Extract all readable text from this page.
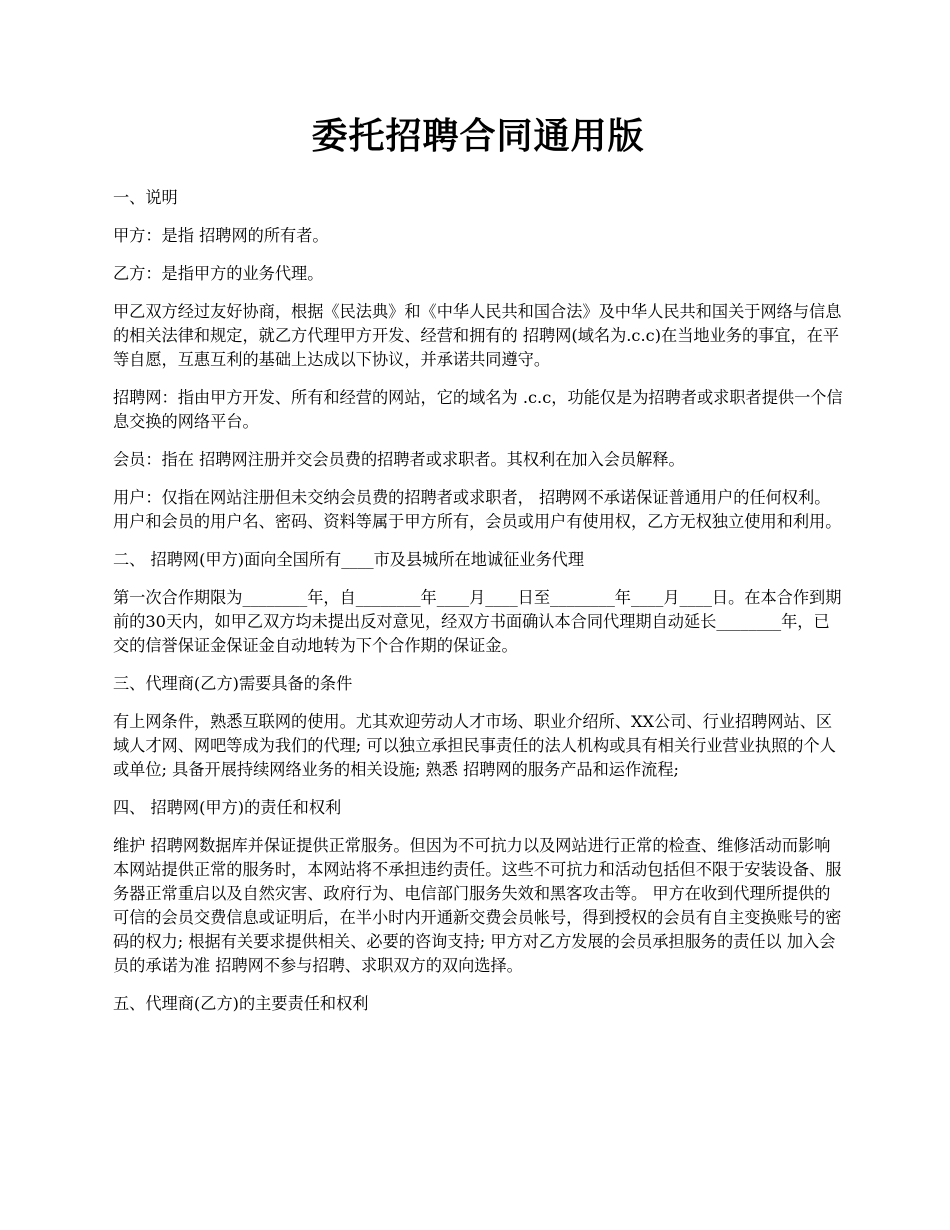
委托招聘合同通用版

一、说明

甲方：是指 招聘网的所有者。

乙方：是指甲方的业务代理。

甲乙双方经过友好协商，根据《民法典》和《中华人民共和国合法》及中华人民共和国关于网络与信息的相关法律和规定，就乙方代理甲方开发、经营和拥有的 招聘网(域名为.c.c)在当地业务的事宜，在平等自愿，互惠互利的基础上达成以下协议，并承诺共同遵守。

招聘网：指由甲方开发、所有和经营的网站，它的域名为 .c.c，功能仅是为招聘者或求职者提供一个信息交换的网络平台。

会员：指在 招聘网注册并交会员费的招聘者或求职者。其权利在加入会员解释。

用户：仅指在网站注册但未交纳会员费的招聘者或求职者， 招聘网不承诺保证普通用户的任何权利。 用户和会员的用户名、密码、资料等属于甲方所有，会员或用户有使用权，乙方无权独立使用和利用。

二、 招聘网(甲方)面向全国所有____市及县城所在地诚征业务代理

第一次合作期限为________年，自________年____月____日至________年____月____日。在本合作到期前的30天内，如甲乙双方均未提出反对意见，经双方书面确认本合同代理期自动延长________年，已交的信誉保证金保证金自动地转为下个合作期的保证金。

三、代理商(乙方)需要具备的条件

有上网条件，熟悉互联网的使用。尤其欢迎劳动人才市场、职业介绍所、XX公司、行业招聘网站、区域人才网、网吧等成为我们的代理; 可以独立承担民事责任的法人机构或具有相关行业营业执照的个人或单位; 具备开展持续网络业务的相关设施; 熟悉 招聘网的服务产品和运作流程;

四、 招聘网(甲方)的责任和权利

维护 招聘网数据库并保证提供正常服务。但因为不可抗力以及网站进行正常的检查、维修活动而影响本网站提供正常的服务时，本网站将不承担违约责任。这些不可抗力和活动包括但不限于安装设备、服务器正常重启以及自然灾害、政府行为、电信部门服务失效和黑客攻击等。 甲方在收到代理所提供的可信的会员交费信息或证明后，在半小时内开通新交费会员帐号，得到授权的会员有自主变换账号的密码的权力; 根据有关要求提供相关、必要的咨询支持; 甲方对乙方发展的会员承担服务的责任以 加入会员的承诺为准 招聘网不参与招聘、求职双方的双向选择。

五、代理商(乙方)的主要责任和权利
